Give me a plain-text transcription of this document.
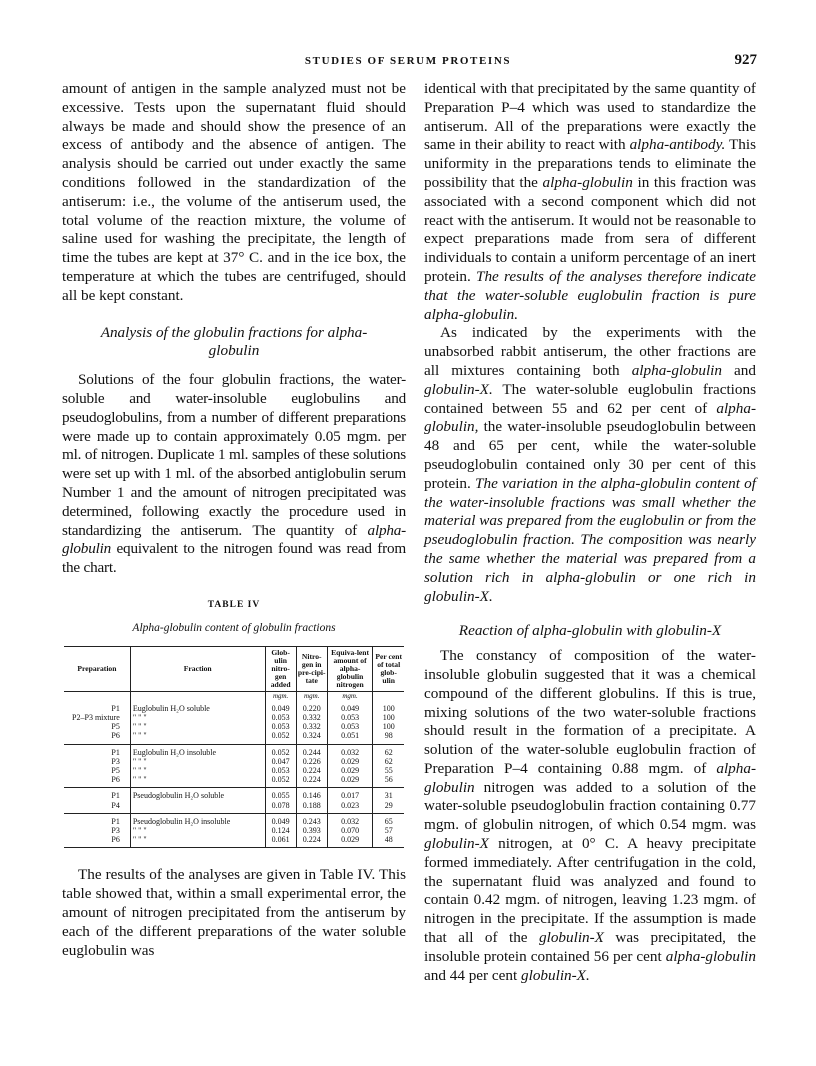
STUDIES OF SERUM PROTEINS	927

amount of antigen in the sample analyzed must not be excessive. Tests upon the supernatant fluid should always be made and should show the presence of an excess of antibody and the absence of antigen. The analysis should be carried out under exactly the same conditions followed in the standardization of the antiserum: i.e., the volume of the antiserum used, the total volume of the reaction mixture, the volume of saline used for washing the precipitate, the length of time the tubes are kept at 37° C. and in the ice box, the temperature at which the tubes are centrifuged, should all be kept constant.

Analysis of the globulin fractions for alpha-globulin

Solutions of the four globulin fractions, the water-soluble and water-insoluble euglobulins and pseudoglobulins, from a number of different preparations were made up to contain approximately 0.05 mgm. per ml. of nitrogen. Duplicate 1 ml. samples of these solutions were set up with 1 ml. of the absorbed antiglobulin serum Number 1 and the amount of nitrogen precipitated was determined, following exactly the procedure used in standardizing the antiserum. The quantity of alpha-globulin equivalent to the nitrogen found was read from the chart.

TABLE IV
Alpha-globulin content of globulin fractions
Preparation	Fraction	Glob-ulin nitro-gen added	Nitro-gen in pre-cipi-tate	Equiva-lent amount of alpha-globulin nitrogen	Per cent of total glob-ulin
		mgm.	mgm.	mgm.	
P1	Euglobulin H₂O soluble	0.049	0.220	0.049	100
P2–P3 mixture	" " "	0.053	0.332	0.053	100
P5	" " "	0.053	0.332	0.053	100
P6	" " "	0.052	0.324	0.051	98
P1	Euglobulin H₂O insoluble	0.052	0.244	0.032	62
P3	" " "	0.047	0.226	0.029	62
P5	" " "	0.053	0.224	0.029	55
P6	" " "	0.052	0.224	0.029	56
P1	Pseudoglobulin H₂O soluble	0.055	0.146	0.017	31
P4		0.078	0.188	0.023	29
P1	Pseudoglobulin H₂O insoluble	0.049	0.243	0.032	65
P3	" " "	0.124	0.393	0.070	57
P6	" " "	0.061	0.224	0.029	48

The results of the analyses are given in Table IV. This table showed that, within a small experimental error, the amount of nitrogen precipitated from the antiserum by each of the different preparations of the water soluble euglobulin was

identical with that precipitated by the same quantity of Preparation P–4 which was used to standardize the antiserum. All of the preparations were exactly the same in their ability to react with alpha-antibody. This uniformity in the preparations tends to eliminate the possibility that the alpha-globulin in this fraction was associated with a second component which did not react with the antiserum. It would not be reasonable to expect preparations made from sera of different individuals to contain a uniform percentage of an inert protein. The results of the analyses therefore indicate that the water-soluble euglobulin fraction is pure alpha-globulin.

As indicated by the experiments with the unabsorbed rabbit antiserum, the other fractions are all mixtures containing both alpha-globulin and globulin-X. The water-soluble euglobulin fractions contained between 55 and 62 per cent of alpha-globulin, the water-insoluble pseudoglobulin between 48 and 65 per cent, while the water-soluble pseudoglobulin contained only 30 per cent of this protein. The variation in the alpha-globulin content of the water-insoluble fractions was small whether the material was prepared from the euglobulin or from the pseudoglobulin fraction. The composition was nearly the same whether the material was prepared from a solution rich in alpha-globulin or one rich in globulin-X.

Reaction of alpha-globulin with globulin-X

The constancy of composition of the water-insoluble globulin suggested that it was a chemical compound of the different globulins. If this is true, mixing solutions of the two water-soluble fractions should result in the formation of a precipitate. A solution of the water-soluble euglobulin fraction of Preparation P–4 containing 0.88 mgm. of alpha-globulin nitrogen was added to a solution of the water-soluble pseudoglobulin fraction containing 0.77 mgm. of globulin nitrogen, of which 0.54 mgm. was globulin-X nitrogen, at 0° C. A heavy precipitate formed immediately. After centrifugation in the cold, the supernatant fluid was analyzed and found to contain 0.42 mgm. of nitrogen, leaving 1.23 mgm. of nitrogen in the precipitate. If the assumption is made that all of the globulin-X was precipitated, the insoluble protein contained 56 per cent alpha-globulin and 44 per cent globulin-X.
